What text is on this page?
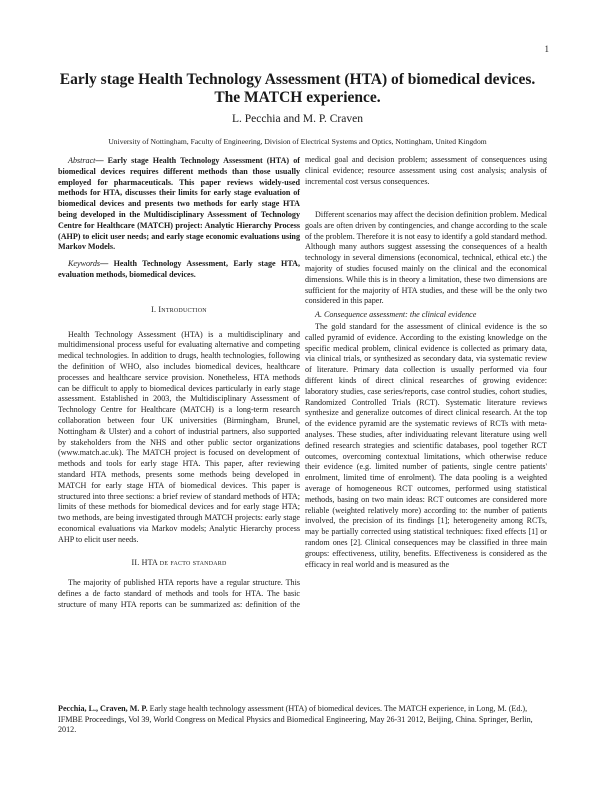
1
Early stage Health Technology Assessment (HTA) of biomedical devices.
The MATCH experience.
L. Pecchia and M. P. Craven
University of Nottingham, Faculty of Engineering, Division of Electrical Systems and Optics, Nottingham, United Kingdom

Abstract— Early stage Health Technology Assessment (HTA) of biomedical devices requires different methods than those usually employed for pharmaceuticals. This paper reviews widely-used methods for HTA, discusses their limits for early stage evaluation of biomedical devices and presents two methods for early stage HTA being developed in the Multidisciplinary Assessment of Technology Centre for Healthcare (MATCH) project: Analytic Hierarchy Process (AHP) to elicit user needs; and early stage economic evaluations using Markov Models.

Keywords— Health Technology Assessment, Early stage HTA, evaluation methods, biomedical devices.

I. Introduction

Health Technology Assessment (HTA) is a multidisciplinary and multidimensional process useful for evaluating alternative and competing medical technologies. In addition to drugs, health technologies, following the definition of WHO, also includes biomedical devices, healthcare processes and healthcare service provision. Nonetheless, HTA methods can be difficult to apply to biomedical devices particularly in early stage assessment. Established in 2003, the Multidisciplinary Assessment of Technology Centre for Healthcare (MATCH) is a long-term research collaboration between four UK universities (Birmingham, Brunel, Nottingham & Ulster) and a cohort of industrial partners, also supported by stakeholders from the NHS and other public sector organizations (www.match.ac.uk). The MATCH project is focused on development of methods and tools for early stage HTA. This paper, after reviewing standard HTA methods, presents some methods being developed in MATCH for early stage HTA of biomedical devices. This paper is structured into three sections: a brief review of standard methods of HTA; limits of these methods for biomedical devices and for early stage HTA; two methods, are being investigated through MATCH projects: early stage economical evaluations via Markov models; Analytic Hierarchy process AHP to elicit user needs.

II. HTA de facto standard

The majority of published HTA reports have a regular structure. This defines a de facto standard of methods and tools for HTA. The basic structure of many HTA reports can be summarized as: definition of the

medical goal and decision problem; assessment of consequences using clinical evidence; resource assessment using cost analysis; analysis of incremental cost versus consequences.

Different scenarios may affect the decision definition problem. Medical goals are often driven by contingencies, and change according to the scale of the problem. Therefore it is not easy to identify a gold standard method. Although many authors suggest assessing the consequences of a health technology in several dimensions (economical, technical, ethical etc.) the majority of studies focused mainly on the clinical and the economical dimensions. While this is in theory a limitation, these two dimensions are sufficient for the majority of HTA studies, and these will be the only two considered in this paper.

A. Consequence assessment: the clinical evidence

The gold standard for the assessment of clinical evidence is the so called pyramid of evidence. According to the existing knowledge on the specific medical problem, clinical evidence is collected as primary data, via clinical trials, or synthesized as secondary data, via systematic review of literature. Primary data collection is usually performed via four different kinds of direct clinical researches of growing evidence: laboratory studies, case series/reports, case control studies, cohort studies, Randomized Controlled Trials (RCT). Systematic literature reviews synthesize and generalize outcomes of direct clinical research. At the top of the evidence pyramid are the systematic reviews of RCTs with meta-analyses. These studies, after individuating relevant literature using well defined research strategies and scientific databases, pool together RCT outcomes, overcoming contextual limitations, which otherwise reduce their evidence (e.g. limited number of patients, single centre patients' enrolment, limited time of enrolment). The data pooling is a weighted average of homogeneous RCT outcomes, performed using statistical methods, basing on two main ideas: RCT outcomes are considered more reliable (weighted relatively more) according to: the number of patients involved, the precision of its findings [1]; heterogeneity among RCTs, may be partially corrected using statistical techniques: fixed effects [1] or random ones [2]. Clinical consequences may be classified in three main groups: effectiveness, utility, benefits. Effectiveness is considered as the efficacy in real world and is measured as the

Pecchia, L., Craven, M. P. Early stage health technology assessment (HTA) of biomedical devices. The MATCH experience, in Long, M. (Ed.), IFMBE Proceedings, Vol 39, World Congress on Medical Physics and Biomedical Engineering, May 26-31 2012, Beijing, China. Springer, Berlin, 2012.
